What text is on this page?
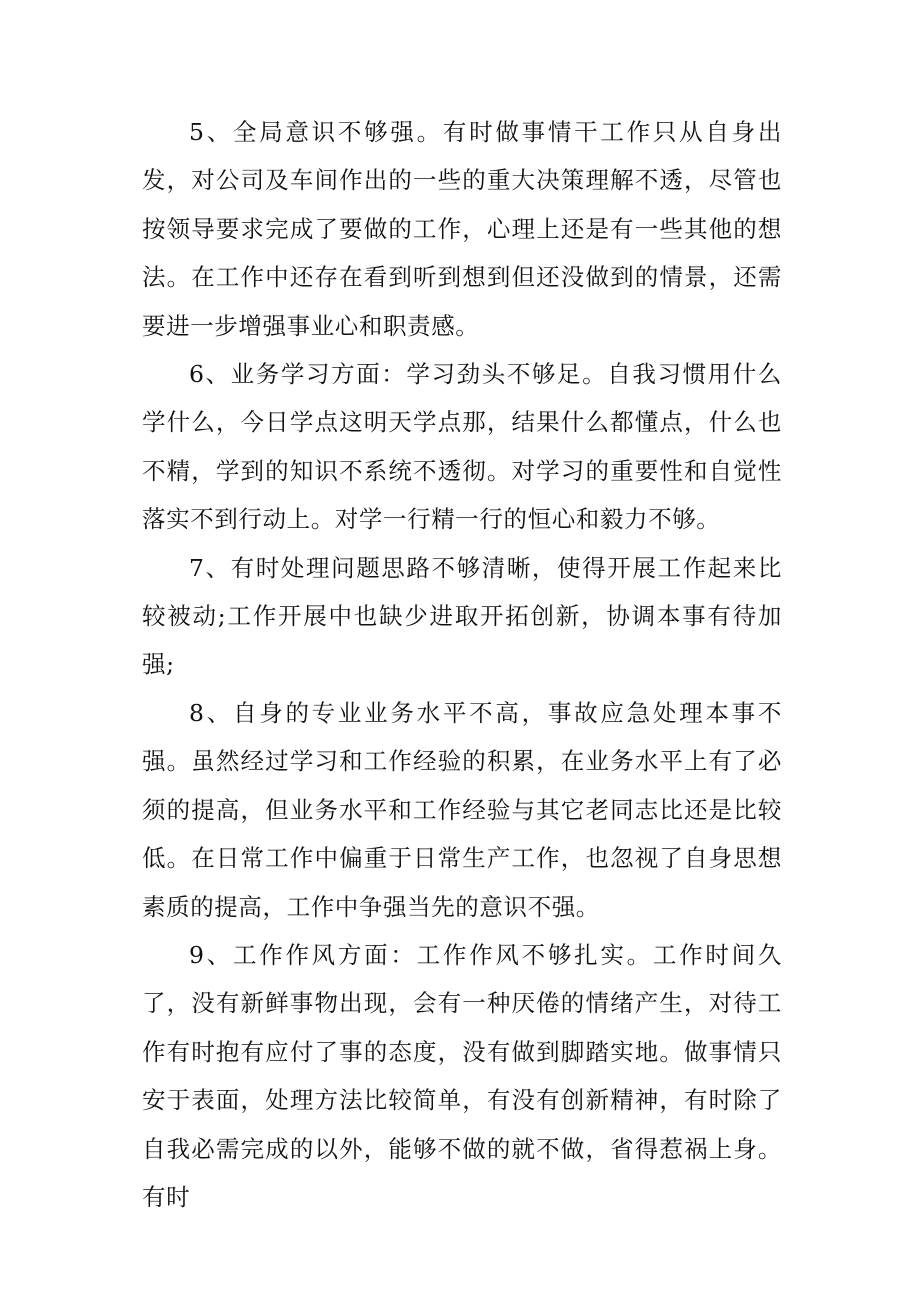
5、全局意识不够强。有时做事情干工作只从自身出发，对公司及车间作出的一些的重大决策理解不透，尽管也按领导要求完成了要做的工作，心理上还是有一些其他的想法。在工作中还存在看到听到想到但还没做到的情景，还需要进一步增强事业心和职责感。

6、业务学习方面：学习劲头不够足。自我习惯用什么学什么，今日学点这明天学点那，结果什么都懂点，什么也不精，学到的知识不系统不透彻。对学习的重要性和自觉性落实不到行动上。对学一行精一行的恒心和毅力不够。

7、有时处理问题思路不够清晰，使得开展工作起来比较被动;工作开展中也缺少进取开拓创新，协调本事有待加强;

8、自身的专业业务水平不高，事故应急处理本事不强。虽然经过学习和工作经验的积累，在业务水平上有了必须的提高，但业务水平和工作经验与其它老同志比还是比较低。在日常工作中偏重于日常生产工作，也忽视了自身思想素质的提高，工作中争强当先的意识不强。

9、工作作风方面：工作作风不够扎实。工作时间久了，没有新鲜事物出现，会有一种厌倦的情绪产生，对待工作有时抱有应付了事的态度，没有做到脚踏实地。做事情只安于表面，处理方法比较简单，有没有创新精神，有时除了自我必需完成的以外，能够不做的就不做，省得惹祸上身。有时
